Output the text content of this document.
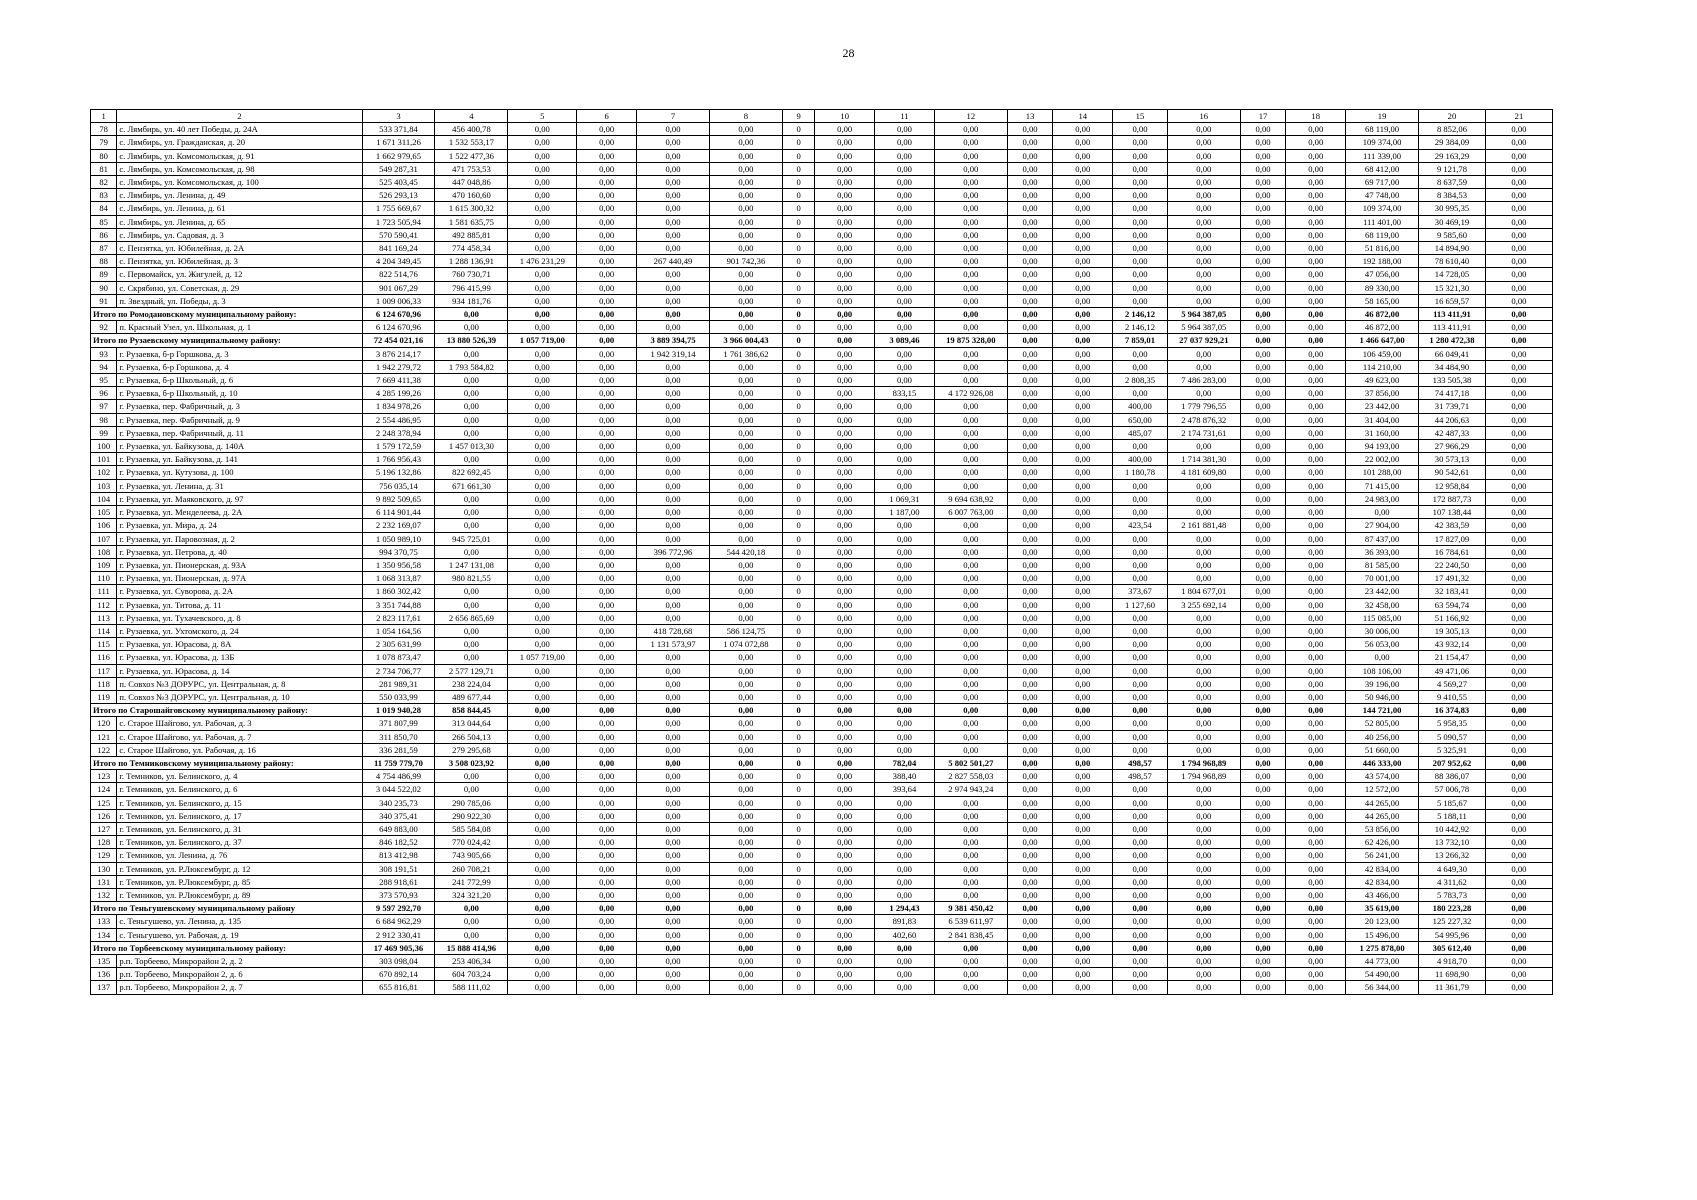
28
1	2	3	4	5	6	7	8	9	10	11	12	13	14	15	16	17	18	19	20	21
78	с. Лямбирь, ул. 40 лет Победы, д. 24А	533 371,84	456 400,78	0,00	0,00	0,00	0,00	0	0,00	0,00	0,00	0,00	0,00	0,00	0,00	0,00	0,00	68 119,00	8 852,06	0,00
79	с. Лямбирь, ул. Гражданская, д. 20	1 671 311,26	1 532 553,17	0,00	0,00	0,00	0,00	0	0,00	0,00	0,00	0,00	0,00	0,00	0,00	0,00	0,00	109 374,00	29 384,09	0,00
80	с. Лямбирь, ул. Комсомольская, д. 91	1 662 979,65	1 522 477,36	0,00	0,00	0,00	0,00	0	0,00	0,00	0,00	0,00	0,00	0,00	0,00	0,00	0,00	111 339,00	29 163,29	0,00
81	с. Лямбирь, ул. Комсомольская, д. 98	549 287,31	471 753,53	0,00	0,00	0,00	0,00	0	0,00	0,00	0,00	0,00	0,00	0,00	0,00	0,00	0,00	68 412,00	9 121,78	0,00
82	с. Лямбирь, ул. Комсомольская, д. 100	525 403,45	447 048,86	0,00	0,00	0,00	0,00	0	0,00	0,00	0,00	0,00	0,00	0,00	0,00	0,00	0,00	69 717,00	8 637,59	0,00
83	с. Лямбирь, ул. Ленина, д. 49	526 293,13	470 160,60	0,00	0,00	0,00	0,00	0	0,00	0,00	0,00	0,00	0,00	0,00	0,00	0,00	0,00	47 748,00	8 384,53	0,00
84	с. Лямбирь, ул. Ленина, д. 61	1 755 669,67	1 615 300,32	0,00	0,00	0,00	0,00	0	0,00	0,00	0,00	0,00	0,00	0,00	0,00	0,00	0,00	109 374,00	30 995,35	0,00
85	с. Лямбирь, ул. Ленина, д. 65	1 723 505,94	1 581 635,75	0,00	0,00	0,00	0,00	0	0,00	0,00	0,00	0,00	0,00	0,00	0,00	0,00	0,00	111 401,00	30 469,19	0,00
86	с. Лямбирь, ул. Садовая, д. 3	570 590,41	492 885,81	0,00	0,00	0,00	0,00	0	0,00	0,00	0,00	0,00	0,00	0,00	0,00	0,00	0,00	68 119,00	9 585,60	0,00
87	с. Пензятка, ул. Юбилейная, д. 2А	841 169,24	774 458,34	0,00	0,00	0,00	0,00	0	0,00	0,00	0,00	0,00	0,00	0,00	0,00	0,00	0,00	51 816,00	14 894,90	0,00
88	с. Пензятка, ул. Юбилейная, д. 3	4 204 349,45	1 288 136,91	1 476 231,29	0,00	267 440,49	901 742,36	0	0,00	0,00	0,00	0,00	0,00	0,00	0,00	0,00	0,00	192 188,00	78 610,40	0,00
89	с. Первомайск, ул. Жигулей, д. 12	822 514,76	760 730,71	0,00	0,00	0,00	0,00	0	0,00	0,00	0,00	0,00	0,00	0,00	0,00	0,00	0,00	47 056,00	14 728,05	0,00
90	с. Скрябино, ул. Советская, д. 29	901 067,29	796 415,99	0,00	0,00	0,00	0,00	0	0,00	0,00	0,00	0,00	0,00	0,00	0,00	0,00	0,00	89 330,00	15 321,30	0,00
91	п. Звездный, ул. Победы, д. 3	1 009 006,33	934 181,76	0,00	0,00	0,00	0,00	0	0,00	0,00	0,00	0,00	0,00	0,00	0,00	0,00	0,00	58 165,00	16 659,57	0,00
Итого по Ромодановскому муниципальному району:		6 124 670,96	0,00	0,00	0,00	0,00	0,00	0	0,00	0,00	0,00	0,00	0,00	2 146,12	5 964 387,05	0,00	0,00	46 872,00	113 411,91	0,00
92	п. Красный Узел, ул. Школьная, д. 1	6 124 670,96	0,00	0,00	0,00	0,00	0,00	0	0,00	0,00	0,00	0,00	0,00	2 146,12	5 964 387,05	0,00	0,00	46 872,00	113 411,91	0,00
Итого по Рузаевскому муниципальному району:		72 454 021,16	13 880 526,39	1 057 719,00	0,00	3 889 394,75	3 966 004,43	0	0,00	3 089,46	19 875 328,00	0,00	0,00	7 859,01	27 037 929,21	0,00	0,00	1 466 647,00	1 280 472,38	0,00
93	г. Рузаевка, б-р Горшкова, д. 3	3 876 214,17	0,00	0,00	0,00	1 942 319,14	1 761 386,62	0	0,00	0,00	0,00	0,00	0,00	0,00	0,00	0,00	0,00	106 459,00	66 049,41	0,00
94	г. Рузаевка, б-р Горшкова, д. 4	1 942 279,72	1 793 584,82	0,00	0,00	0,00	0,00	0	0,00	0,00	0,00	0,00	0,00	0,00	0,00	0,00	0,00	114 210,00	34 484,90	0,00
95	г. Рузаевка, б-р Школьный, д. 6	7 669 411,38	0,00	0,00	0,00	0,00	0,00	0	0,00	0,00	0,00	0,00	0,00	2 808,35	7 486 283,00	0,00	0,00	49 623,00	133 505,38	0,00
96	г. Рузаевка, б-р Школьный, д. 10	4 285 199,26	0,00	0,00	0,00	0,00	0,00	0	0,00	833,15	4 172 926,08	0,00	0,00	0,00	0,00	0,00	0,00	37 856,00	74 417,18	0,00
97	г. Рузаевка, пер. Фабричный, д. 3	1 834 978,26	0,00	0,00	0,00	0,00	0,00	0	0,00	0,00	0,00	0,00	0,00	400,00	1 779 796,55	0,00	0,00	23 442,00	31 739,71	0,00
98	г. Рузаевка, пер. Фабричный, д. 9	2 554 486,95	0,00	0,00	0,00	0,00	0,00	0	0,00	0,00	0,00	0,00	0,00	650,00	2 478 876,32	0,00	0,00	31 404,00	44 206,63	0,00
99	г. Рузаевка, пер. Фабричный, д. 11	2 248 378,94	0,00	0,00	0,00	0,00	0,00	0	0,00	0,00	0,00	0,00	0,00	485,07	2 174 731,61	0,00	0,00	31 160,00	42 487,33	0,00
100	г. Рузаевка, ул. Байкузова, д. 140А	1 579 172,59	1 457 013,30	0,00	0,00	0,00	0,00	0	0,00	0,00	0,00	0,00	0,00	0,00	0,00	0,00	0,00	94 193,00	27 966,29	0,00
101	г. Рузаевка, ул. Байкузова, д. 141	1 766 956,43	0,00	0,00	0,00	0,00	0,00	0	0,00	0,00	0,00	0,00	0,00	400,00	1 714 381,30	0,00	0,00	22 002,00	30 573,13	0,00
102	г. Рузаевка, ул. Кутузова, д. 100	5 196 132,86	822 692,45	0,00	0,00	0,00	0,00	0	0,00	0,00	0,00	0,00	0,00	1 180,78	4 181 609,80	0,00	0,00	101 288,00	90 542,61	0,00
103	г. Рузаевка, ул. Ленина, д. 31	756 035,14	671 661,30	0,00	0,00	0,00	0,00	0	0,00	0,00	0,00	0,00	0,00	0,00	0,00	0,00	0,00	71 415,00	12 958,84	0,00
104	г. Рузаевка, ул. Маяковского, д. 97	9 892 509,65	0,00	0,00	0,00	0,00	0,00	0	0,00	1 069,31	9 694 638,92	0,00	0,00	0,00	0,00	0,00	0,00	24 983,00	172 887,73	0,00
105	г. Рузаевка, ул. Менделеева, д. 2А	6 114 901,44	0,00	0,00	0,00	0,00	0,00	0	0,00	1 187,00	6 007 763,00	0,00	0,00	0,00	0,00	0,00	0,00	0,00	107 138,44	0,00
106	г. Рузаевка, ул. Мира, д. 24	2 232 169,07	0,00	0,00	0,00	0,00	0,00	0	0,00	0,00	0,00	0,00	0,00	423,54	2 161 881,48	0,00	0,00	27 904,00	42 383,59	0,00
107	г. Рузаевка, ул. Паровозная, д. 2	1 050 989,10	945 725,01	0,00	0,00	0,00	0,00	0	0,00	0,00	0,00	0,00	0,00	0,00	0,00	0,00	0,00	87 437,00	17 827,09	0,00
108	г. Рузаевка, ул. Петрова, д. 40	994 370,75	0,00	0,00	0,00	396 772,96	544 420,18	0	0,00	0,00	0,00	0,00	0,00	0,00	0,00	0,00	0,00	36 393,00	16 784,61	0,00
109	г. Рузаевка, ул. Пионерская, д. 93А	1 350 956,58	1 247 131,08	0,00	0,00	0,00	0,00	0	0,00	0,00	0,00	0,00	0,00	0,00	0,00	0,00	0,00	81 585,00	22 240,50	0,00
110	г. Рузаевка, ул. Пионерская, д. 97А	1 068 313,87	980 821,55	0,00	0,00	0,00	0,00	0	0,00	0,00	0,00	0,00	0,00	0,00	0,00	0,00	0,00	70 001,00	17 491,32	0,00
111	г. Рузаевка, ул. Суворова, д. 2А	1 860 302,42	0,00	0,00	0,00	0,00	0,00	0	0,00	0,00	0,00	0,00	0,00	373,67	1 804 677,01	0,00	0,00	23 442,00	32 183,41	0,00
112	г. Рузаевка, ул. Титова, д. 11	3 351 744,88	0,00	0,00	0,00	0,00	0,00	0	0,00	0,00	0,00	0,00	0,00	1 127,60	3 255 692,14	0,00	0,00	32 458,00	63 594,74	0,00
113	г. Рузаевка, ул. Тухачевского, д. 8	2 823 117,61	2 656 865,69	0,00	0,00	0,00	0,00	0	0,00	0,00	0,00	0,00	0,00	0,00	0,00	0,00	0,00	115 085,00	51 166,92	0,00
114	г. Рузаевка, ул. Ухтомского, д. 24	1 054 164,56	0,00	0,00	0,00	418 728,68	586 124,75	0	0,00	0,00	0,00	0,00	0,00	0,00	0,00	0,00	0,00	30 006,00	19 305,13	0,00
115	г. Рузаевка, ул. Юрасова, д. 8А	2 305 631,99	0,00	0,00	0,00	1 131 573,97	1 074 072,88	0	0,00	0,00	0,00	0,00	0,00	0,00	0,00	0,00	0,00	56 053,00	43 932,14	0,00
116	г. Рузаевка, ул. Юрасова, д. 13Б	1 078 873,47	0,00	1 057 719,00	0,00	0,00	0,00	0	0,00	0,00	0,00	0,00	0,00	0,00	0,00	0,00	0,00	0,00	21 154,47	0,00
117	г. Рузаевка, ул. Юрасова, д. 14	2 734 706,77	2 577 129,71	0,00	0,00	0,00	0,00	0	0,00	0,00	0,00	0,00	0,00	0,00	0,00	0,00	0,00	108 106,00	49 471,06	0,00
118	п. Совхоз №3 ДОРУРС, ул. Центральная, д. 8	281 989,31	238 224,04	0,00	0,00	0,00	0,00	0	0,00	0,00	0,00	0,00	0,00	0,00	0,00	0,00	0,00	39 196,00	4 569,27	0,00
119	п. Совхоз №3 ДОРУРС, ул. Центральная, д. 10	550 033,99	489 677,44	0,00	0,00	0,00	0,00	0	0,00	0,00	0,00	0,00	0,00	0,00	0,00	0,00	0,00	50 946,00	9 410,55	0,00
Итого по Старошайговскому муниципальному району:		1 019 940,28	858 844,45	0,00	0,00	0,00	0,00	0	0,00	0,00	0,00	0,00	0,00	0,00	0,00	0,00	0,00	144 721,00	16 374,83	0,00
120	с. Старое Шайгово, ул. Рабочая, д. 3	371 807,99	313 044,64	0,00	0,00	0,00	0,00	0	0,00	0,00	0,00	0,00	0,00	0,00	0,00	0,00	0,00	52 805,00	5 958,35	0,00
121	с. Старое Шайгово, ул. Рабочая, д. 7	311 850,70	266 504,13	0,00	0,00	0,00	0,00	0	0,00	0,00	0,00	0,00	0,00	0,00	0,00	0,00	0,00	40 256,00	5 090,57	0,00
122	с. Старое Шайгово, ул. Рабочая, д. 16	336 281,59	279 295,68	0,00	0,00	0,00	0,00	0	0,00	0,00	0,00	0,00	0,00	0,00	0,00	0,00	0,00	51 660,00	5 325,91	0,00
Итого по Темниковскому муниципальному району:		11 759 779,70	3 508 023,92	0,00	0,00	0,00	0,00	0	0,00	782,04	5 802 501,27	0,00	0,00	498,57	1 794 968,89	0,00	0,00	446 333,00	207 952,62	0,00
123	г. Темников, ул. Белинского, д. 4	4 754 486,99	0,00	0,00	0,00	0,00	0,00	0	0,00	388,40	2 827 558,03	0,00	0,00	498,57	1 794 968,89	0,00	0,00	43 574,00	88 386,07	0,00
124	г. Темников, ул. Белинского, д. 6	3 044 522,02	0,00	0,00	0,00	0,00	0,00	0	0,00	393,64	2 974 943,24	0,00	0,00	0,00	0,00	0,00	0,00	12 572,00	57 006,78	0,00
125	г. Темников, ул. Белинского, д. 15	340 235,73	290 785,06	0,00	0,00	0,00	0,00	0	0,00	0,00	0,00	0,00	0,00	0,00	0,00	0,00	0,00	44 265,00	5 185,67	0,00
126	г. Темников, ул. Белинского, д. 17	340 375,41	290 922,30	0,00	0,00	0,00	0,00	0	0,00	0,00	0,00	0,00	0,00	0,00	0,00	0,00	0,00	44 265,00	5 188,11	0,00
127	г. Темников, ул. Белинского, д. 31	649 883,00	585 584,08	0,00	0,00	0,00	0,00	0	0,00	0,00	0,00	0,00	0,00	0,00	0,00	0,00	0,00	53 856,00	10 442,92	0,00
128	г. Темников, ул. Белинского, д. 37	846 182,52	770 024,42	0,00	0,00	0,00	0,00	0	0,00	0,00	0,00	0,00	0,00	0,00	0,00	0,00	0,00	62 426,00	13 732,10	0,00
129	г. Темников, ул. Ленина, д. 76	813 412,98	743 905,66	0,00	0,00	0,00	0,00	0	0,00	0,00	0,00	0,00	0,00	0,00	0,00	0,00	0,00	56 241,00	13 266,32	0,00
130	г. Темников, ул. Р.Люксембург, д. 12	308 191,51	260 708,21	0,00	0,00	0,00	0,00	0	0,00	0,00	0,00	0,00	0,00	0,00	0,00	0,00	0,00	42 834,00	4 649,30	0,00
131	г. Темников, ул. Р.Люксембург, д. 85	288 918,61	241 772,99	0,00	0,00	0,00	0,00	0	0,00	0,00	0,00	0,00	0,00	0,00	0,00	0,00	0,00	42 834,00	4 311,62	0,00
132	г. Темников, ул. Р.Люксембург, д. 89	373 570,93	324 321,20	0,00	0,00	0,00	0,00	0	0,00	0,00	0,00	0,00	0,00	0,00	0,00	0,00	0,00	43 466,00	5 783,73	0,00
Итого по Теньгушевскому муниципальному району		9 597 292,70	0,00	0,00	0,00	0,00	0,00	0	0,00	1 294,43	9 381 450,42	0,00	0,00	0,00	0,00	0,00	0,00	35 619,00	180 223,28	0,00
133	с. Теньгушево, ул. Ленина, д. 135	6 684 962,29	0,00	0,00	0,00	0,00	0,00	0	0,00	891,83	6 539 611,97	0,00	0,00	0,00	0,00	0,00	0,00	20 123,00	125 227,32	0,00
134	с. Теньгушево, ул. Рабочая, д. 19	2 912 330,41	0,00	0,00	0,00	0,00	0,00	0	0,00	402,60	2 841 838,45	0,00	0,00	0,00	0,00	0,00	0,00	15 496,00	54 995,96	0,00
Итого по Торбеевскому муниципальному району:		17 469 905,36	15 888 414,96	0,00	0,00	0,00	0,00	0	0,00	0,00	0,00	0,00	0,00	0,00	0,00	0,00	0,00	1 275 878,00	305 612,40	0,00
135	р.п. Торбеево, Микрорайон 2, д. 2	303 098,04	253 406,34	0,00	0,00	0,00	0,00	0	0,00	0,00	0,00	0,00	0,00	0,00	0,00	0,00	0,00	44 773,00	4 918,70	0,00
136	р.п. Торбеево, Микрорайон 2, д. 6	670 892,14	604 703,24	0,00	0,00	0,00	0,00	0	0,00	0,00	0,00	0,00	0,00	0,00	0,00	0,00	0,00	54 490,00	11 698,90	0,00
137	р.п. Торбеево, Микрорайон 2, д. 7	655 816,81	588 111,02	0,00	0,00	0,00	0,00	0	0,00	0,00	0,00	0,00	0,00	0,00	0,00	0,00	0,00	56 344,00	11 361,79	0,00
